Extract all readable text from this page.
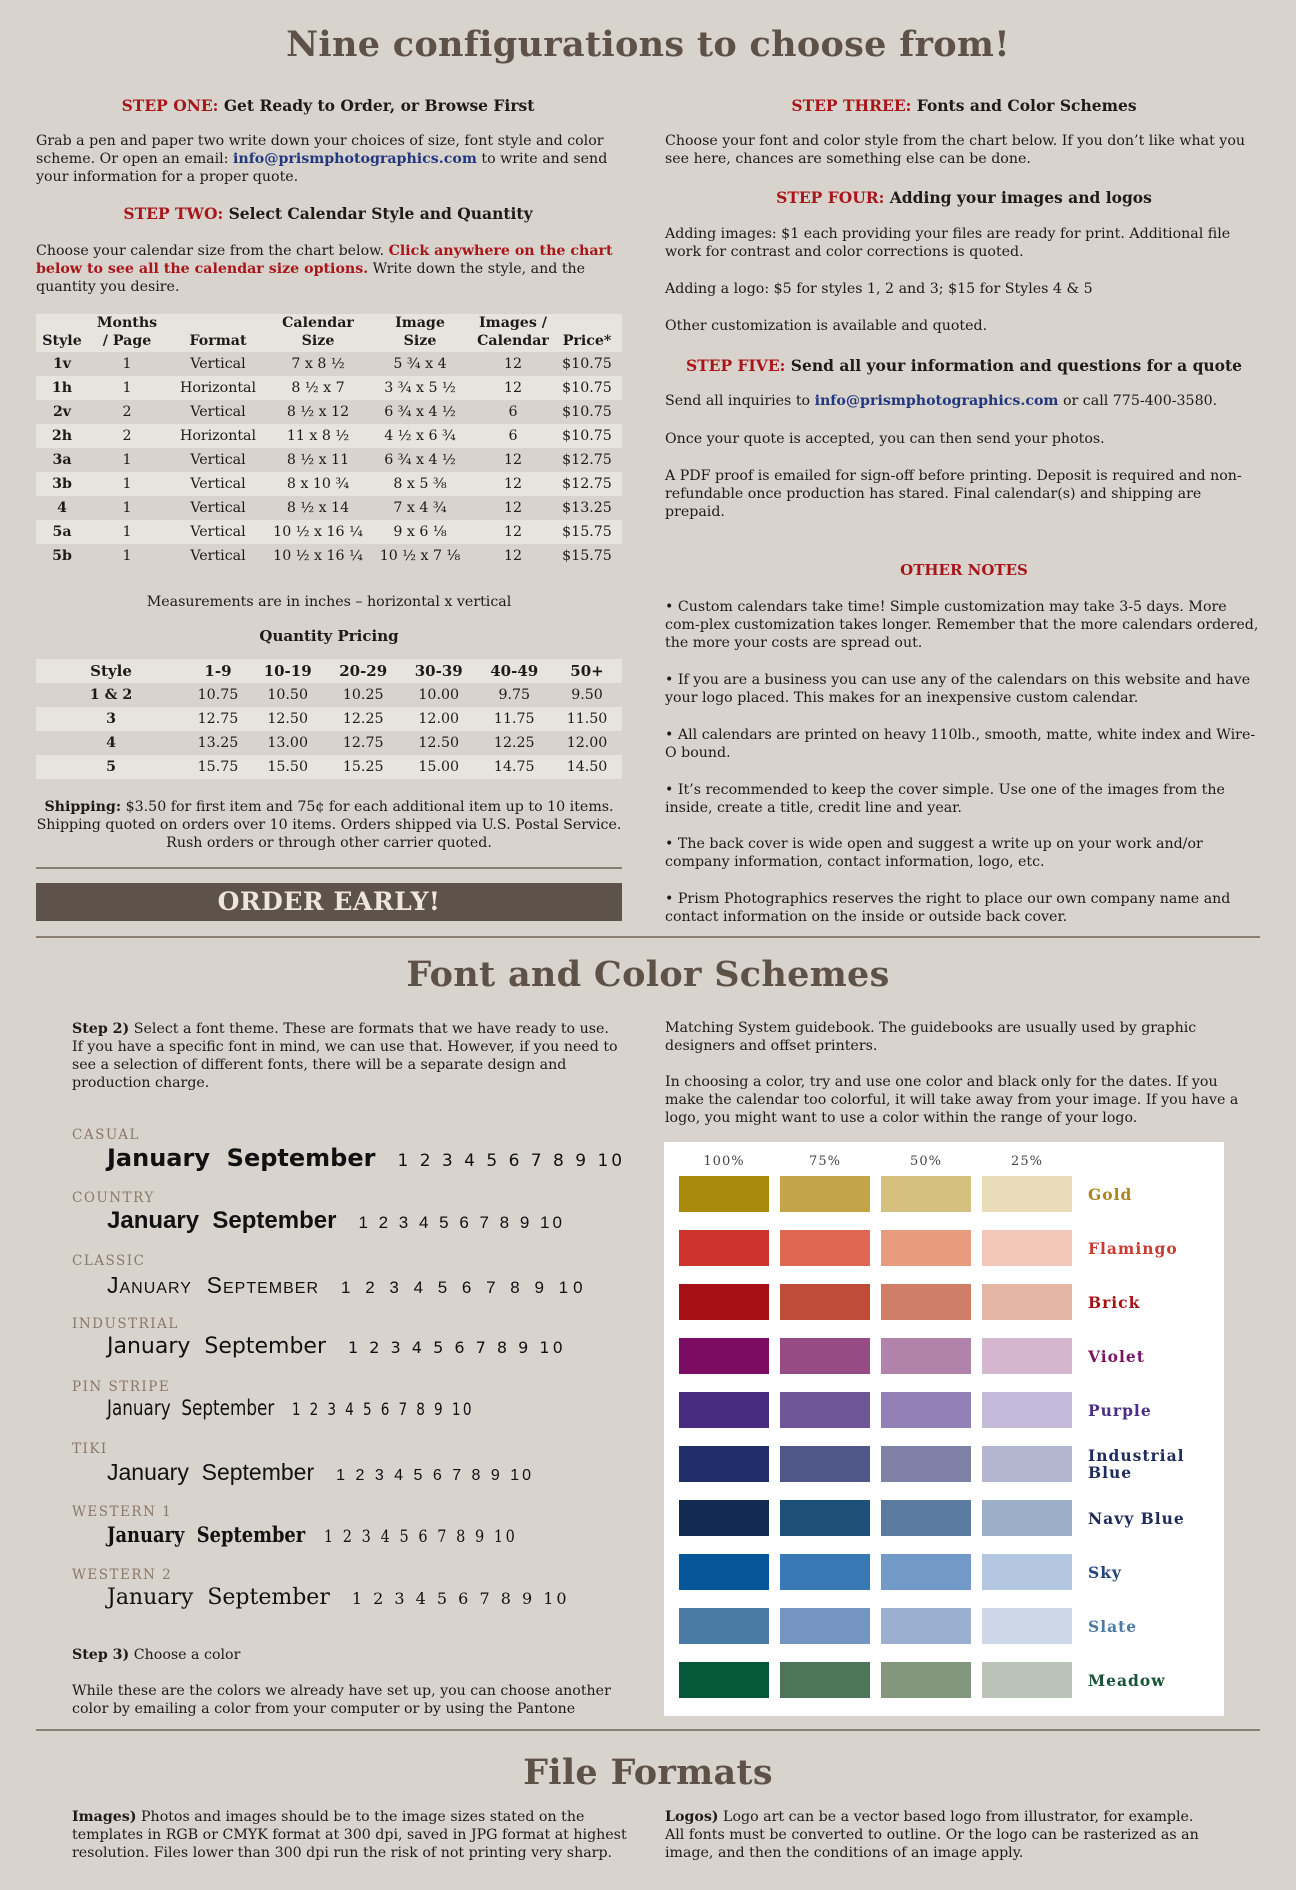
Nine configurations to choose from!
STEP ONE: Get Ready to Order, or Browse First
Grab a pen and paper two write down your choices of size, font style and color scheme. Or open an email: info@prismphotographics.com to write and send your information for a proper quote.
STEP TWO: Select Calendar Style and Quantity
Choose your calendar size from the chart below. Click anywhere on the chart below to see all the calendar size options. Write down the style, and the quantity you desire.
Style	Months / Page	Format	Calendar Size	Image Size	Images / Calendar	Price*
1v	1	Vertical	7 x 8 ½	5 ¾ x 4	12	$10.75
1h	1	Horizontal	8 ½ x 7	3 ¾ x 5 ½	12	$10.75
2v	2	Vertical	8 ½ x 12	6 ¾ x 4 ½	6	$10.75
2h	2	Horizontal	11 x 8 ½	4 ½ x 6 ¾	6	$10.75
3a	1	Vertical	8 ½ x 11	6 ¾ x 4 ½	12	$12.75
3b	1	Vertical	8 x 10 ¾	8 x 5 ⅜	12	$12.75
4	1	Vertical	8 ½ x 14	7 x 4 ¾	12	$13.25
5a	1	Vertical	10 ½ x 16 ¼	9 x 6 ⅛	12	$15.75
5b	1	Vertical	10 ½ x 16 ¼	10 ½ x 7 ⅛	12	$15.75
Measurements are in inches – horizontal x vertical
Quantity Pricing
Style	1-9	10-19	20-29	30-39	40-49	50+
1 & 2	10.75	10.50	10.25	10.00	9.75	9.50
3	12.75	12.50	12.25	12.00	11.75	11.50
4	13.25	13.00	12.75	12.50	12.25	12.00
5	15.75	15.50	15.25	15.00	14.75	14.50
Shipping: $3.50 for first item and 75¢ for each additional item up to 10 items.
Shipping quoted on orders over 10 items. Orders shipped via U.S. Postal Service.
Rush orders or through other carrier quoted.
ORDER EARLY!
STEP THREE: Fonts and Color Schemes
Choose your font and color style from the chart below. If you don’t like what you see here, chances are something else can be done.
STEP FOUR: Adding your images and logos
Adding images: $1 each providing your files are ready for print. Additional file work for contrast and color corrections is quoted.
Adding a logo: $5 for styles 1, 2 and 3; $15 for Styles 4 & 5
Other customization is available and quoted.
STEP FIVE: Send all your information and questions for a quote
Send all inquiries to info@prismphotographics.com or call 775-400-3580.
Once your quote is accepted, you can then send your photos.
A PDF proof is emailed for sign-off before printing. Deposit is required and non-refundable once production has stared. Final calendar(s) and shipping are prepaid.
OTHER NOTES
• Custom calendars take time! Simple customization may take 3-5 days. More com-plex customization takes longer. Remember that the more calendars ordered, the more your costs are spread out.
• If you are a business you can use any of the calendars on this website and have your logo placed. This makes for an inexpensive custom calendar.
• All calendars are printed on heavy 110lb., smooth, matte, white index and Wire-O bound.
• It’s recommended to keep the cover simple. Use one of the images from the inside, create a title, credit line and year.
• The back cover is wide open and suggest a write up on your work and/or company information, contact information, logo, etc.
• Prism Photographics reserves the right to place our own company name and contact information on the inside or outside back cover.
Font and Color Schemes
Step 2) Select a font theme. These are formats that we have ready to use. If you have a specific font in mind, we can use that. However, if you need to see a selection of different fonts, there will be a separate design and production charge.
CASUAL
January  September 1 2 3 4 5 6 7 8 9 10
COUNTRY
January  September 1 2 3 4 5 6 7 8 9 10
CLASSIC
January  September 1 2 3 4 5 6 7 8 9 10
INDUSTRIAL
January  September 1 2 3 4 5 6 7 8 9 10
PIN STRIPE
January  September 1 2 3 4 5 6 7 8 9 10
TIKI
January  September 1 2 3 4 5 6 7 8 9 10
WESTERN 1
January  September 1 2 3 4 5 6 7 8 9 10
WESTERN 2
January  September 1 2 3 4 5 6 7 8 9 10
Step 3) Choose a color
While these are the colors we already have set up, you can choose another color by emailing a color from your computer or by using the Pantone
Matching System guidebook. The guidebooks are usually used by graphic designers and offset printers.
In choosing a color, try and use one color and black only for the dates. If you make the calendar too colorful, it will take away from your image. If you have a logo, you might want to use a color within the range of your logo.
100%	75%	50%	25%
Gold
Flamingo
Brick
Violet
Purple
Industrial Blue
Navy Blue
Sky
Slate
Meadow
File Formats
Images) Photos and images should be to the image sizes stated on the templates in RGB or CMYK format at 300 dpi, saved in JPG format at highest resolution. Files lower than 300 dpi run the risk of not printing very sharp.
Logos) Logo art can be a vector based logo from illustrator, for example. All fonts must be converted to outline. Or the logo can be rasterized as an image, and then the conditions of an image apply.
